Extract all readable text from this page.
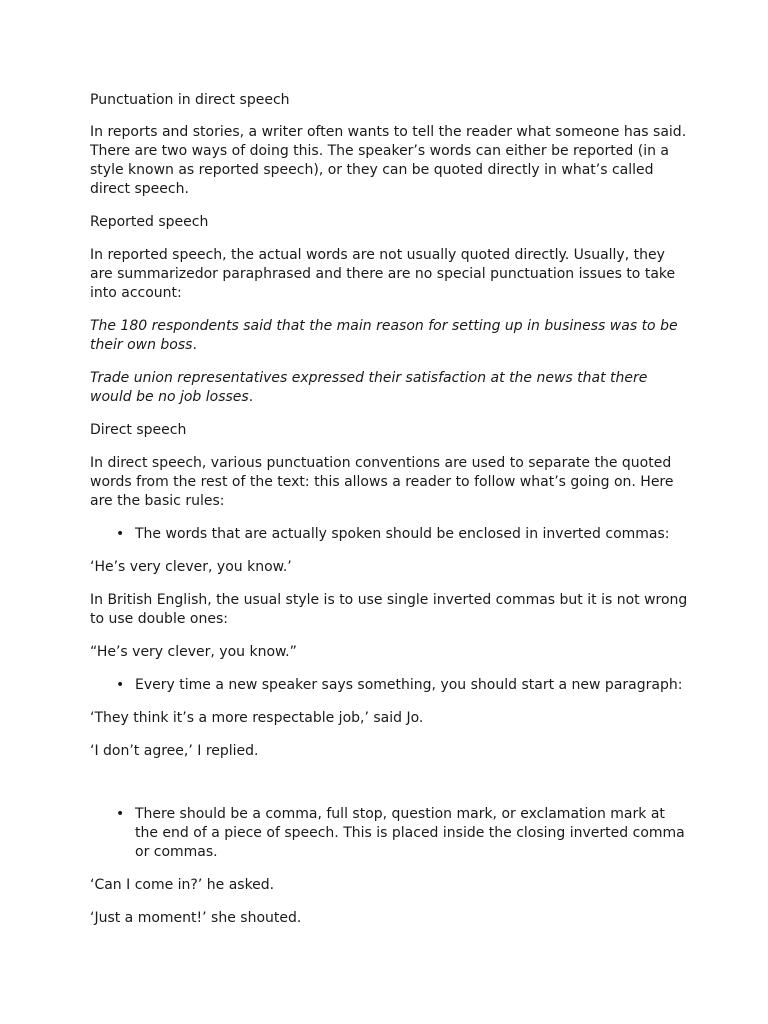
Punctuation in direct speech

In reports and stories, a writer often wants to tell the reader what someone has said. There are two ways of doing this. The speaker’s words can either be reported (in a style known as reported speech), or they can be quoted directly in what’s called direct speech.

Reported speech

In reported speech, the actual words are not usually quoted directly. Usually, they are summarizedor paraphrased and there are no special punctuation issues to take into account:

The 180 respondents said that the main reason for setting up in business was to be their own boss.

Trade union representatives expressed their satisfaction at the news that there would be no job losses.

Direct speech

In direct speech, various punctuation conventions are used to separate the quoted words from the rest of the text: this allows a reader to follow what’s going on. Here are the basic rules:

• The words that are actually spoken should be enclosed in inverted commas:

‘He’s very clever, you know.’

In British English, the usual style is to use single inverted commas but it is not wrong to use double ones:

“He’s very clever, you know.”

• Every time a new speaker says something, you should start a new paragraph:

‘They think it’s a more respectable job,’ said Jo.

‘I don’t agree,’ I replied.

• There should be a comma, full stop, question mark, or exclamation mark at the end of a piece of speech. This is placed inside the closing inverted comma or commas.

‘Can I come in?’ he asked.

‘Just a moment!’ she shouted.
